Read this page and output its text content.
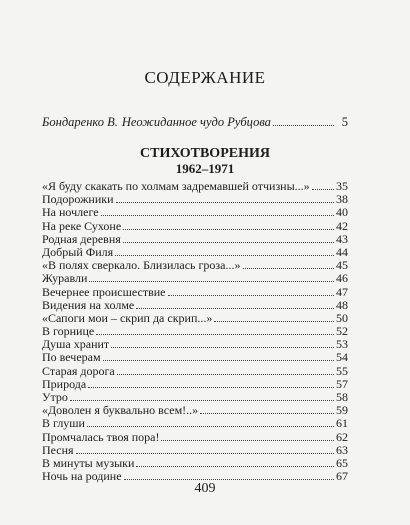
СОДЕРЖАНИЕ
Бондаренко В. Неожиданное чудо Рубцова	5
СТИХОТВОРЕНИЯ
1962–1971
«Я буду скакать по холмам задремавшей отчизны...» 35
Подорожники	38
На ночлеге	40
На реке Сухоне	42
Родная деревня	43
Добрый Филя	44
«В полях сверкало. Близилась гроза...»	45
Журавли	46
Вечернее происшествие	47
Видения на холме	48
«Сапоги мои – скрип да скрип...»	50
В горнице	52
Душа хранит	53
По вечерам	54
Старая дорога	55
Природа	57
Утро	58
«Доволен я буквально всем!..»	59
В глуши	61
Промчалась твоя пора!	62
Песня	63
В минуты музыки	65
Ночь на родине	67
409
